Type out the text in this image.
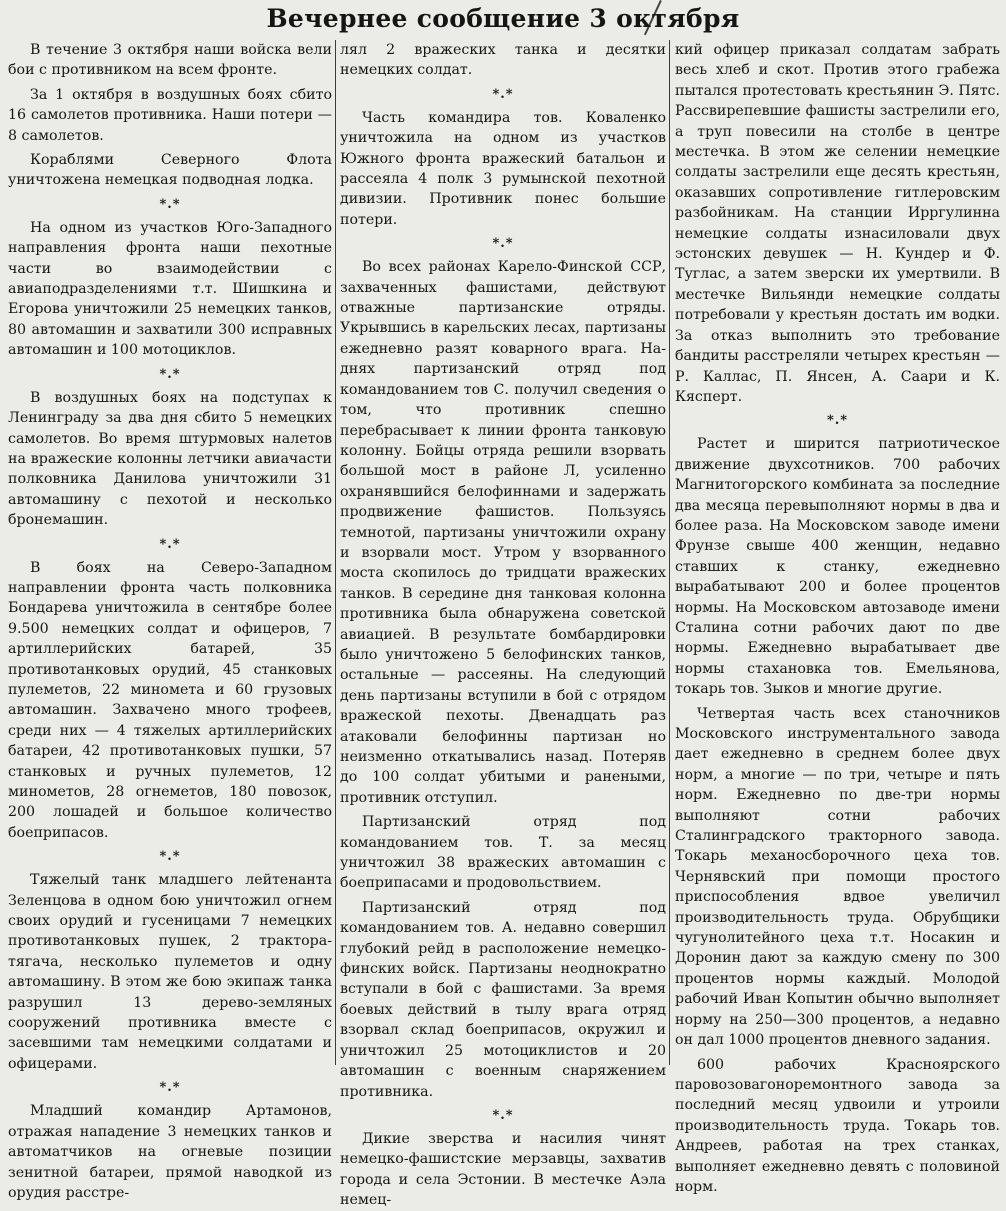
Вечернее сообщение 3 октября

В течение 3 октября наши войска вели бои с противником на всем фронте.

За 1 октября в воздушных боях сбито 16 самолетов противника. Наши потери — 8 самолетов.

Кораблями Северного Флота уничтожена немецкая подводная лодка.

*.*

На одном из участков Юго-Западного направления фронта наши пехотные части во взаимодействии с авиаподразделениями т.т. Шишкина и Егорова уничтожили 25 немецких танков, 80 автомашин и захватили 300 исправных автомашин и 100 мотоциклов.

*.*

В воздушных боях на подступах к Ленинграду за два дня сбито 5 немецких самолетов. Во время штурмовых налетов на вражеские колонны летчики авиачасти полковника Данилова уничтожили 31 автомашину с пехотой и несколько бронемашин.

*.*

В боях на Северо-Западном направлении фронта часть полковника Бондарева уничтожила в сентябре более 9.500 немецких солдат и офицеров, 7 артиллерийских батарей, 35 противотанковых орудий, 45 станковых пулеметов, 22 миномета и 60 грузовых автомашин. Захвачено много трофеев, среди них — 4 тяжелых артиллерийских батареи, 42 противотанковых пушки, 57 станковых и ручных пулеметов, 12 минометов, 28 огнеметов, 180 повозок, 200 лошадей и большое количество боеприпасов.

*.*

Тяжелый танк младшего лейтенанта Зеленцова в одном бою уничтожил огнем своих орудий и гусеницами 7 немецких противотанковых пушек, 2 трактора-тягача, несколько пулеметов и одну автомашину. В этом же бою экипаж танка разрушил 13 дерево-земляных сооружений противника вместе с засевшими там немецкими солдатами и офицерами.

*.*

Младший командир Артамонов, отражая нападение 3 немецких танков и автоматчиков на огневые позиции зенитной батареи, прямой наводкой из орудия расстре-

лял 2 вражеских танка и десятки немецких солдат.

*.*

Часть командира тов. Коваленко уничтожила на одном из участков Южного фронта вражеский батальон и рассеяла 4 полк 3 румынской пехотной дивизии. Противник понес большие потери.

*.*

Во всех районах Карело-Финской ССР, захваченных фашистами, действуют отважные партизанские отряды. Укрывшись в карельских лесах, партизаны ежедневно разят коварного врага. На-днях партизанский отряд под командованием тов С. получил сведения о том, что противник спешно перебрасывает к линии фронта танковую колонну. Бойцы отряда решили взорвать большой мост в районе Л, усиленно охранявшийся белофиннами и задержать продвижение фашистов. Пользуясь темнотой, партизаны уничтожили охрану и взорвали мост. Утром у взорванного моста скопилось до тридцати вражеских танков. В середине дня танковая колонна противника была обнаружена советской авиацией. В результате бомбардировки было уничтожено 5 белофинских танков, остальные — рассеяны. На следующий день партизаны вступили в бой с отрядом вражеской пехоты. Двенадцать раз атаковали белофинны партизан но неизменно откатывались назад. Потеряв до 100 солдат убитыми и ранеными, противник отступил.

Партизанский отряд под командованием тов. Т. за месяц уничтожил 38 вражеских автомашин с боеприпасами и продовольствием.

Партизанский отряд под командованием тов. А. недавно совершил глубокий рейд в расположение немецко-финских войск. Партизаны неоднократно вступали в бой с фашистами. За время боевых действий в тылу врага отряд взорвал склад боеприпасов, окружил и уничтожил 25 мотоциклистов и 20 автомашин с военным снаряжением противника.

*.*

Дикие зверства и насилия чинят немецко-фашистские мерзавцы, захватив города и села Эстонии. В местечке Аэла немец-

кий офицер приказал солдатам забрать весь хлеб и скот. Против этого грабежа пытался протестовать крестьянин Э. Пятс. Рассвирепевшие фашисты застрелили его, а труп повесили на столбе в центре местечка. В этом же селении немецкие солдаты застрелили еще десять крестьян, оказавших сопротивление гитлеровским разбойникам. На станции Ирргулинна немецкие солдаты изнасиловали двух эстонских девушек — Н. Кундер и Ф. Туглас, а затем зверски их умертвили. В местечке Вильянди немецкие солдаты потребовали у крестьян достать им водки. За отказ выполнить это требование бандиты расстреляли четырех крестьян — Р. Каллас, П. Янсен, А. Саари и К. Кясперт.

*.*

Растет и ширится патриотическое движение двухсотников. 700 рабочих Магнитогорского комбината за последние два месяца перевыполняют нормы в два и более раза. На Московском заводе имени Фрунзе свыше 400 женщин, недавно ставших к станку, ежедневно вырабатывают 200 и более процентов нормы. На Московском автозаводе имени Сталина сотни рабочих дают по две нормы. Ежедневно вырабатывает две нормы стахановка тов. Емельянова, токарь тов. Зыков и многие другие.

Четвертая часть всех станочников Московского инструментального завода дает ежедневно в среднем более двух норм, а многие — по три, четыре и пять норм. Ежедневно по две-три нормы выполняют сотни рабочих Сталинградского тракторного завода. Токарь механосборочного цеха тов. Чернявский при помощи простого приспособления вдвое увеличил производительность труда. Обрубщики чугунолитейного цеха т.т. Носакин и Доронин дают за каждую смену по 300 процентов нормы каждый. Молодой рабочий Иван Копытин обычно выполняет норму на 250—300 процентов, а недавно он дал 1000 процентов дневного задания.

600 рабочих Красноярского паровозовагоноремонтного завода за последний месяц удвоили и утроили производительность труда. Токарь тов. Андреев, работая на трех станках, выполняет ежедневно девять с половиной норм.
